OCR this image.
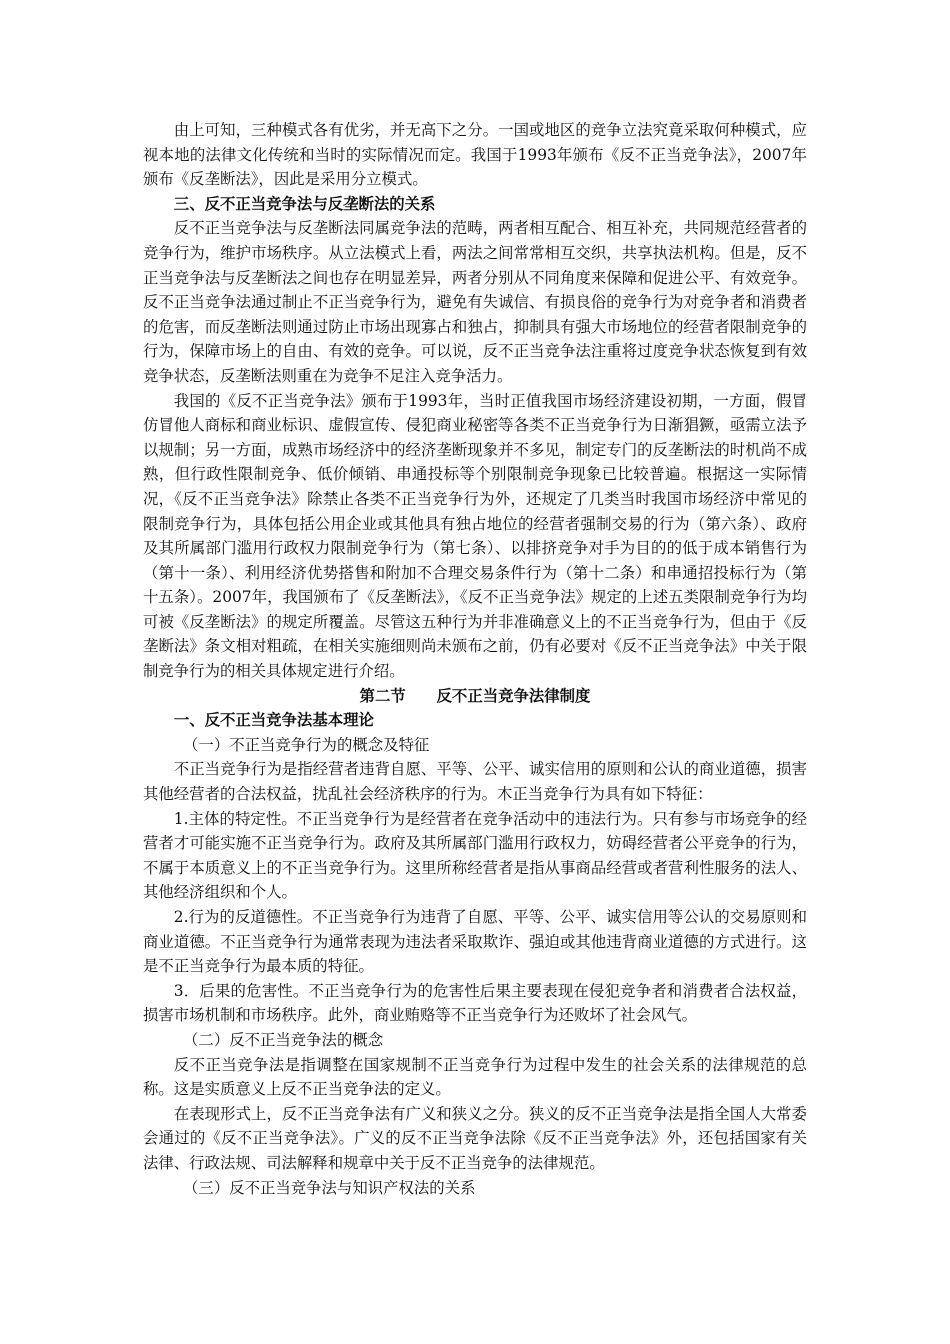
由上可知，三种模式各有优劣，并无高下之分。一国或地区的竞争立法究竟采取何种模式，应视本地的法律文化传统和当时的实际情况而定。我国于1993年颁布《反不正当竞争法》，2007年颁布《反垄断法》，因此是采用分立模式。

三、反不正当竞争法与反垄断法的关系

反不正当竞争法与反垄断法同属竞争法的范畴，两者相互配合、相互补充，共同规范经营者的竞争行为，维护市场秩序。从立法模式上看，两法之间常常相互交织，共享执法机构。但是，反不正当竞争法与反垄断法之间也存在明显差异，两者分别从不同角度来保障和促进公平、有效竞争。反不正当竞争法通过制止不正当竞争行为，避免有失诚信、有损良俗的竞争行为对竞争者和消费者的危害，而反垄断法则通过防止市场出现寡占和独占，抑制具有强大市场地位的经营者限制竞争的行为，保障市场上的自由、有效的竞争。可以说，反不正当竞争法注重将过度竞争状态恢复到有效竞争状态，反垄断法则重在为竞争不足注入竞争活力。

我国的《反不正当竞争法》颁布于1993年，当时正值我国市场经济建设初期，一方面，假冒仿冒他人商标和商业标识、虚假宣传、侵犯商业秘密等各类不正当竞争行为日渐猖獗，亟需立法予以规制；另一方面，成熟市场经济中的经济垄断现象并不多见，制定专门的反垄断法的时机尚不成熟，但行政性限制竞争、低价倾销、串通投标等个别限制竞争现象已比较普遍。根据这一实际情况，《反不正当竞争法》除禁止各类不正当竞争行为外，还规定了几类当时我国市场经济中常见的限制竞争行为，具体包括公用企业或其他具有独占地位的经营者强制交易的行为（第六条）、政府及其所属部门滥用行政权力限制竞争行为（第七条）、以排挤竞争对手为目的的低于成本销售行为（第十一条）、利用经济优势搭售和附加不合理交易条件行为（第十二条）和串通招投标行为（第十五条）。2007年，我国颁布了《反垄断法》，《反不正当竞争法》规定的上述五类限制竞争行为均可被《反垄断法》的规定所覆盖。尽管这五种行为并非准确意义上的不正当竞争行为，但由于《反垄断法》条文相对粗疏，在相关实施细则尚未颁布之前，仍有必要对《反不正当竞争法》中关于限制竞争行为的相关具体规定进行介绍。

第二节 反不正当竞争法律制度

一、反不正当竞争法基本理论

（一）不正当竞争行为的概念及特征

不正当竞争行为是指经营者违背自愿、平等、公平、诚实信用的原则和公认的商业道德，损害其他经营者的合法权益，扰乱社会经济秩序的行为。木正当竞争行为具有如下特征：

1.主体的特定性。不正当竞争行为是经营者在竞争活动中的违法行为。只有参与市场竞争的经营者才可能实施不正当竞争行为。政府及其所属部门滥用行政权力，妨碍经营者公平竞争的行为，不属于本质意义上的不正当竞争行为。这里所称经营者是指从事商品经营或者营利性服务的法人、其他经济组织和个人。

2.行为的反道德性。不正当竞争行为违背了自愿、平等、公平、诚实信用等公认的交易原则和商业道德。不正当竞争行为通常表现为违法者采取欺诈、强迫或其他违背商业道德的方式进行。这是不正当竞争行为最本质的特征。

3．后果的危害性。不正当竞争行为的危害性后果主要表现在侵犯竞争者和消费者合法权益，损害市场机制和市场秩序。此外，商业贿赂等不正当竞争行为还败坏了社会风气。

（二）反不正当竞争法的概念

反不正当竞争法是指调整在国家规制不正当竞争行为过程中发生的社会关系的法律规范的总称。这是实质意义上反不正当竞争法的定义。

在表现形式上，反不正当竞争法有广义和狭义之分。狭义的反不正当竞争法是指全国人大常委会通过的《反不正当竞争法》。广义的反不正当竞争法除《反不正当竞争法》外，还包括国家有关法律、行政法规、司法解释和规章中关于反不正当竞争的法律规范。

（三）反不正当竞争法与知识产权法的关系
